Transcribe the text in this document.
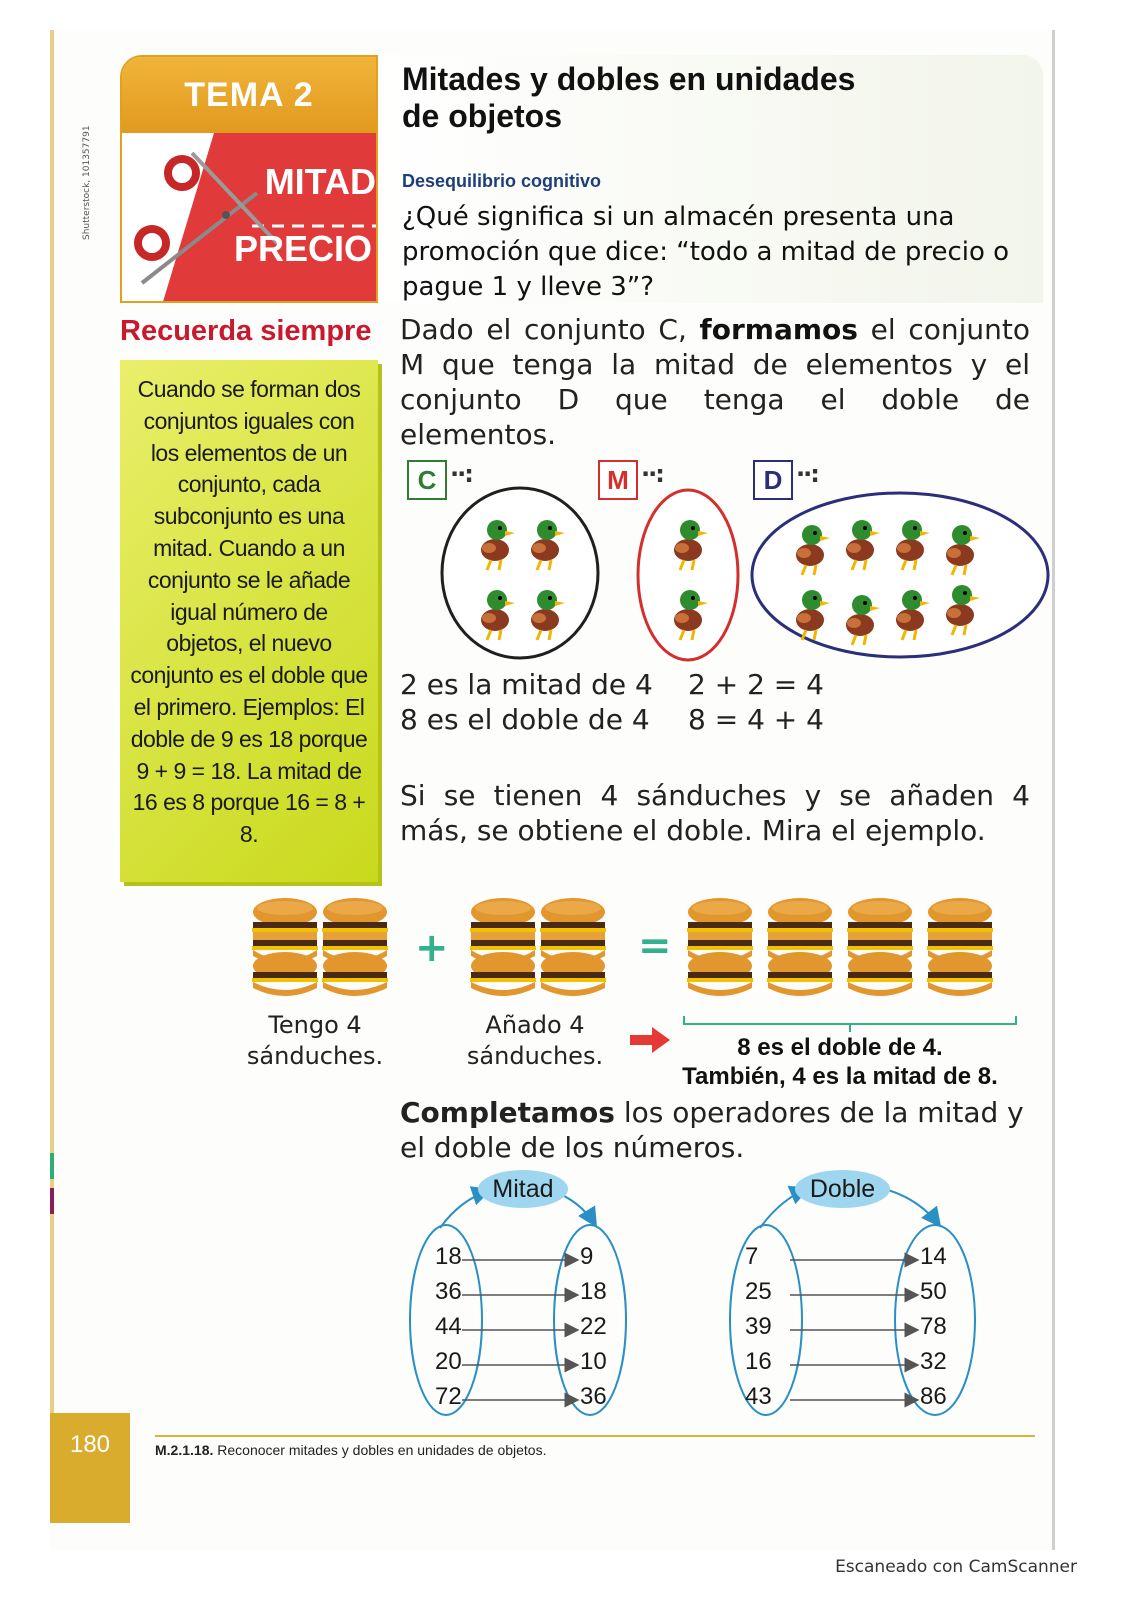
TEMA 2
MITAD
PRECIO
Shutterstock, 101357791
Mitades y dobles en unidades
de objetos
Desequilibrio cognitivo
¿Qué significa si un almacén presenta una promoción que dice: “todo a mitad de precio o pague 1 y lleve 3”?
Recuerda siempre
Cuando se forman dos conjuntos iguales con los elementos de un conjunto, cada subconjunto es una mitad. Cuando a un conjunto se le añade igual número de objetos, el nuevo conjunto es el doble que el primero. Ejemplos: El doble de 9 es 18 porque 9 + 9 = 18. La mitad de 16 es 8 porque 16 = 8 + 8.
Dado el conjunto C, formamos el conjunto M que tenga la mitad de elementos y el conjunto D que tenga el doble de elementos.
C ··:	M ··:	D ··:
2 es la mitad de 4
8 es el doble de 4
2 + 2 = 4
8 = 4 + 4
Si se tienen 4 sánduches y se añaden 4 más, se obtiene el doble. Mira el ejemplo.
+	=
Tengo 4
sánduches.
Añado 4
sánduches.	8 es el doble de 4.
También, 4 es la mitad de 8.
Completamos los operadores de la mitad y el doble de los números.
Mitad
18	9
36	18
44	22
20	10
72	36
Doble
7	14
25	50
39	78
16	32
43	86
180	M.2.1.18. Reconocer mitades y dobles en unidades de objetos.
Escaneado con CamScanner
